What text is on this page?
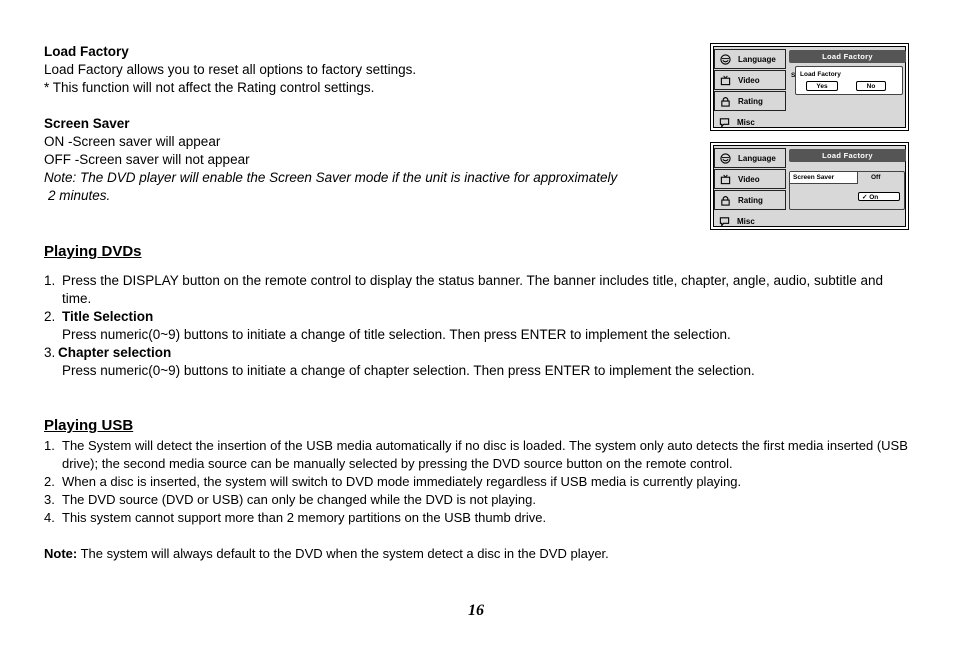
Load Factory
Load Factory allows you to reset all options to factory settings.
* This function will not affect the Rating control settings.
Screen Saver
ON -Screen saver will appear
OFF -Screen saver will not appear
Note: The DVD player will enable the Screen Saver mode if the unit is inactive for approximately
2 minutes.
Language
Video
Rating
Misc
Load Factory
S Load Factory
Yes	No
Language
Video
Rating
Misc
Load Factory
Screen Saver	Off
✓ On
Playing DVDs
1. Press the DISPLAY button on the remote control to display the status banner. The banner includes title, chapter, angle, audio, subtitle and
time.
2. Title Selection
Press numeric(0~9) buttons to initiate a change of title selection. Then press ENTER to implement the selection.
3. Chapter selection
Press numeric(0~9) buttons to initiate a change of chapter selection. Then press ENTER to implement the selection.
Playing USB
1. The System will detect the insertion of the USB media automatically if no disc is loaded. The system only auto detects the first media inserted (USB
drive); the second media source can be manually selected by pressing the DVD source button on the remote control.
2. When a disc is inserted, the system will switch to DVD mode immediately regardless if USB media is currently playing.
3. The DVD source (DVD or USB) can only be changed while the DVD is not playing.
4. This system cannot support more than 2 memory partitions on the USB thumb drive.
Note: The system will always default to the DVD when the system detect a disc in the DVD player.
16
